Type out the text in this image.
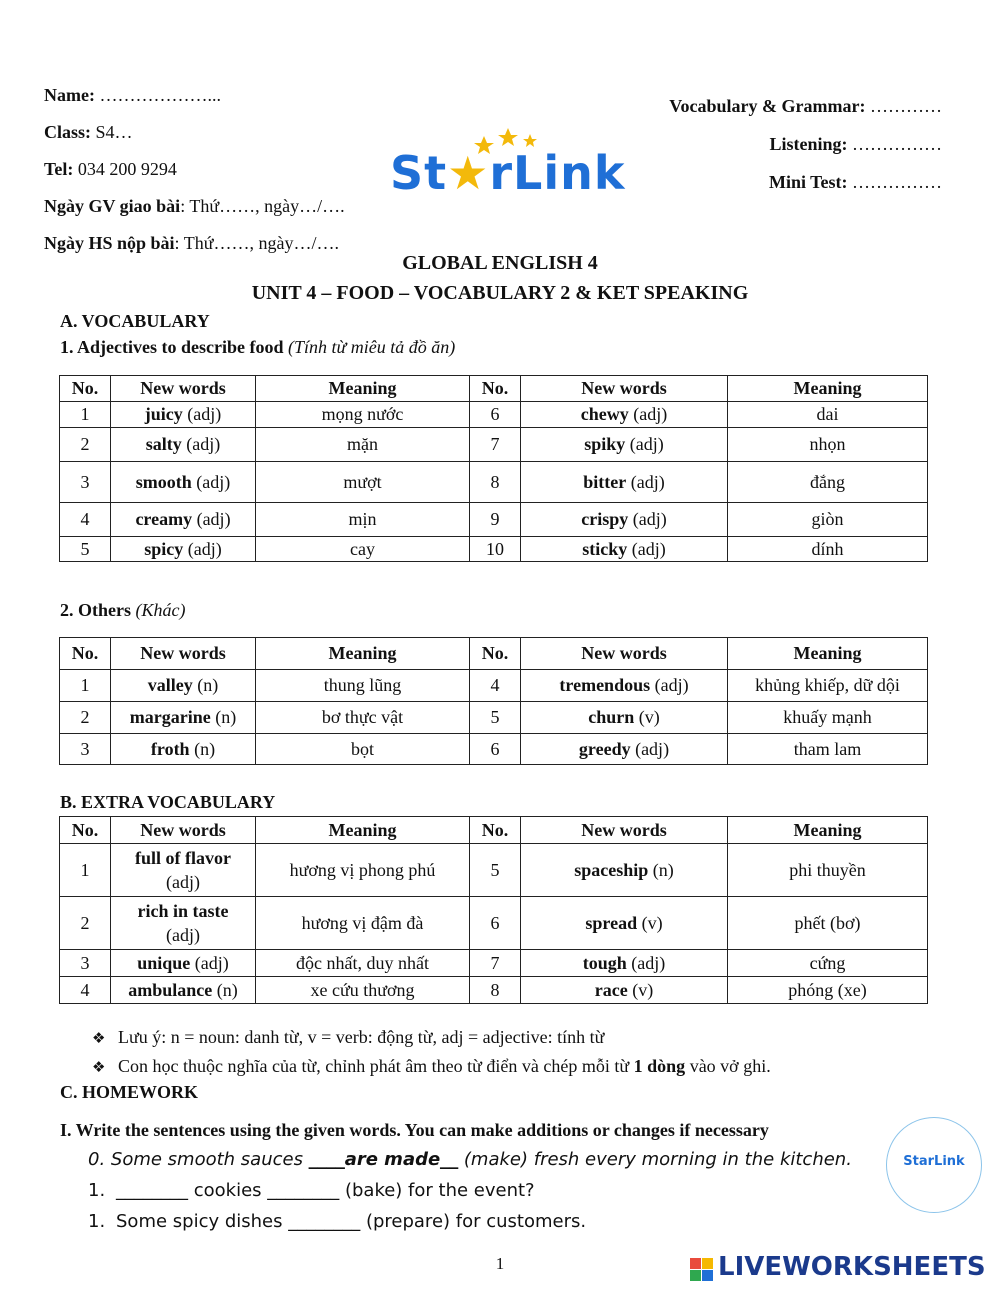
Name: ………………...
Class: S4…
Tel: 034 200 9294
Ngày GV giao bài: Thứ……, ngày…/….
Ngày HS nộp bài: Thứ……, ngày…/….
Vocabulary & Grammar: …………
Listening: ……………
Mini Test: ……………
St★rLink
GLOBAL ENGLISH 4
UNIT 4 – FOOD – VOCABULARY 2 & KET SPEAKING
A. VOCABULARY
1. Adjectives to describe food (Tính từ miêu tả đồ ăn)
No.	New words	Meaning	No.	New words	Meaning
1	juicy (adj)	mọng nước	6	chewy (adj)	dai
2	salty (adj)	mặn	7	spiky (adj)	nhọn
3	smooth (adj)	mượt	8	bitter (adj)	đắng
4	creamy (adj)	mịn	9	crispy (adj)	giòn
5	spicy (adj)	cay	10	sticky (adj)	dính
2. Others (Khác)
No.	New words	Meaning	No.	New words	Meaning
1	valley (n)	thung lũng	4	tremendous (adj)	khủng khiếp, dữ dội
2	margarine (n)	bơ thực vật	5	churn (v)	khuấy mạnh
3	froth (n)	bọt	6	greedy (adj)	tham lam
B. EXTRA VOCABULARY
No.	New words	Meaning	No.	New words	Meaning
1	full of flavor
(adj)	hương vị phong phú	5	spaceship (n)	phi thuyền
2	rich in taste
(adj)	hương vị đậm đà	6	spread (v)	phết (bơ)
3	unique (adj)	độc nhất, duy nhất	7	tough (adj)	cứng
4	ambulance (n)	xe cứu thương	8	race (v)	phóng (xe)
❖ Lưu ý: n = noun: danh từ, v = verb: động từ, adj = adjective: tính từ
❖ Con học thuộc nghĩa của từ, chỉnh phát âm theo từ điển và chép mỗi từ 1 dòng vào vở ghi.
C. HOMEWORK
I. Write the sentences using the given words. You can make additions or changes if necessary
0. Some smooth sauces ____are made__ (make) fresh every morning in the kitchen.
1. ________ cookies ________ (bake) for the event?
1. Some spicy dishes ________ (prepare) for customers.
StarLink
1	LIVEWORKSHEETS
